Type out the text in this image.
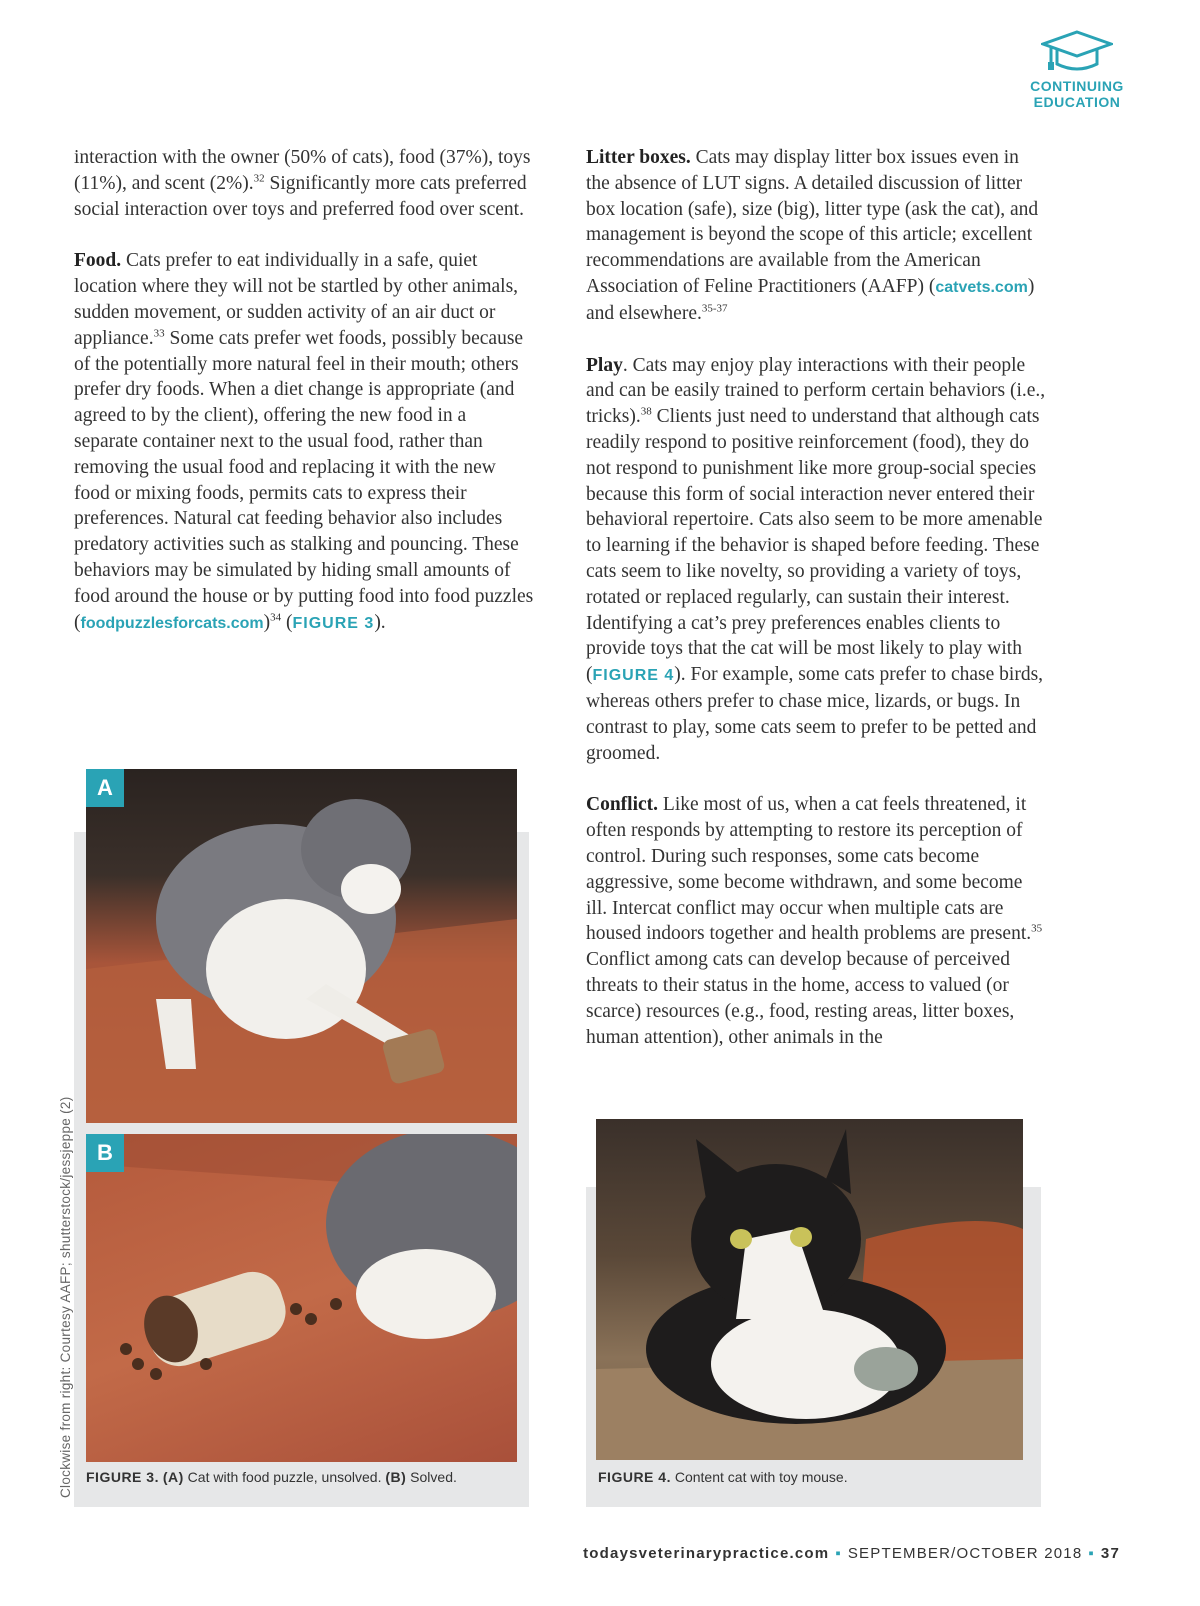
CONTINUING EDUCATION

interaction with the owner (50% of cats), food (37%), toys (11%), and scent (2%).$^{32}$ Significantly more cats preferred social interaction over toys and preferred food over scent.

Food. Cats prefer to eat individually in a safe, quiet location where they will not be startled by other animals, sudden movement, or sudden activity of an air duct or appliance.$^{33}$ Some cats prefer wet foods, possibly because of the potentially more natural feel in their mouth; others prefer dry foods. When a diet change is appropriate (and agreed to by the client), offering the new food in a separate container next to the usual food, rather than removing the usual food and replacing it with the new food or mixing foods, permits cats to express their preferences. Natural cat feeding behavior also includes predatory activities such as stalking and pouncing. These behaviors may be simulated by hiding small amounts of food around the house or by putting food into food puzzles (foodpuzzlesforcats.com)$^{34}$ (FIGURE 3).

Litter boxes. Cats may display litter box issues even in the absence of LUT signs. A detailed discussion of litter box location (safe), size (big), litter type (ask the cat), and management is beyond the scope of this article; excellent recommendations are available from the American Association of Feline Practitioners (AAFP) (catvets.com) and elsewhere.$^{35-37}$

Play. Cats may enjoy play interactions with their people and can be easily trained to perform certain behaviors (i.e., tricks).$^{38}$ Clients just need to understand that although cats readily respond to positive reinforcement (food), they do not respond to punishment like more group-social species because this form of social interaction never entered their behavioral repertoire. Cats also seem to be more amenable to learning if the behavior is shaped before feeding. These cats seem to like novelty, so providing a variety of toys, rotated or replaced regularly, can sustain their interest. Identifying a cat’s prey preferences enables clients to provide toys that the cat will be most likely to play with (FIGURE 4). For example, some cats prefer to chase birds, whereas others prefer to chase mice, lizards, or bugs. In contrast to play, some cats seem to prefer to be petted and groomed.

Conflict. Like most of us, when a cat feels threatened, it often responds by attempting to restore its perception of control. During such responses, some cats become aggressive, some become withdrawn, and some become ill. Intercat conflict may occur when multiple cats are housed indoors together and health problems are present.$^{35}$ Conflict among cats can develop because of perceived threats to their status in the home, access to valued (or scarce) resources (e.g., food, resting areas, litter boxes, human attention), other animals in the

FIGURE 3. (A) Cat with food puzzle, unsolved. (B) Solved.
A
B
FIGURE 4. Content cat with toy mouse.
Clockwise from right: Courtesy AAFP; shutterstock/jessjeppe (2)
todaysveterinarypractice.com ▪ SEPTEMBER/OCTOBER 2018 ▪ 37
